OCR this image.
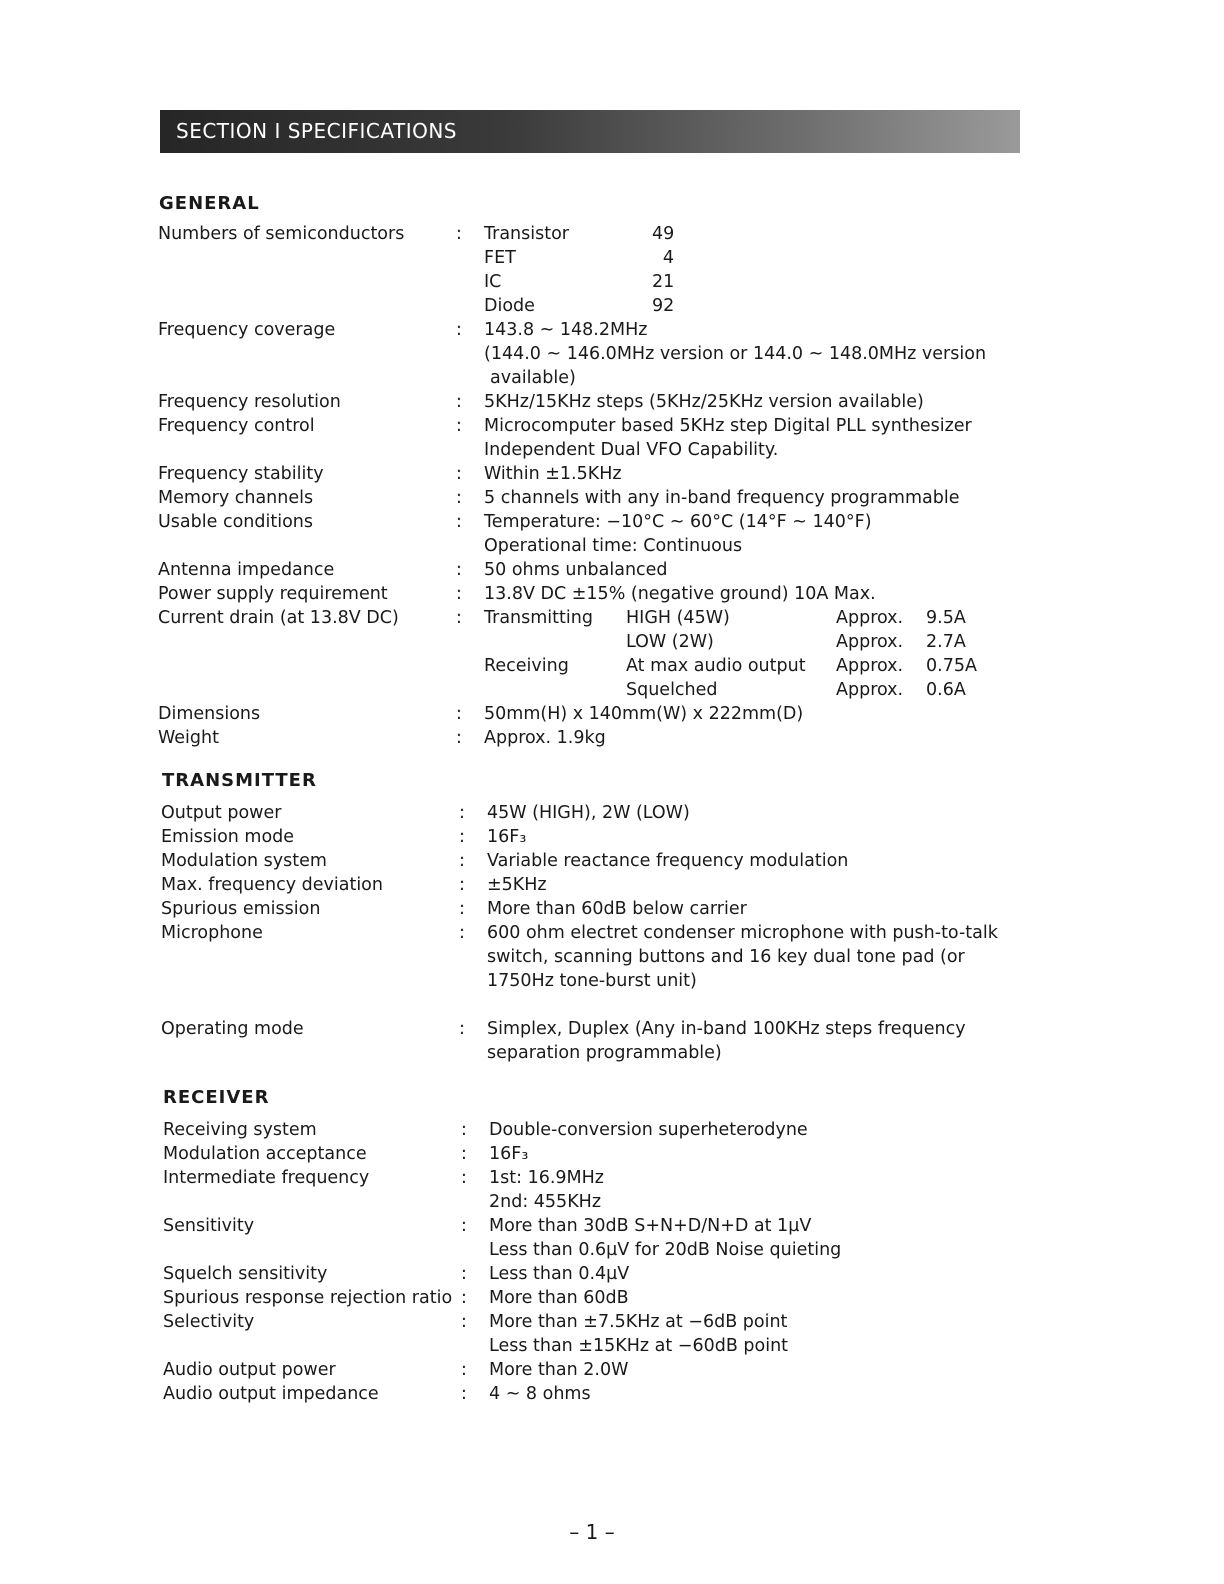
SECTION I SPECIFICATIONS
GENERAL
Numbers of semiconductors	:	Transistor	49
FET	4
IC	21
Diode	92
Frequency coverage	:	143.8 ~ 148.2MHz
(144.0 ~ 146.0MHz version or 144.0 ~ 148.0MHz version
available)
Frequency resolution	:	5KHz/15KHz steps (5KHz/25KHz version available)
Frequency control	:	Microcomputer based 5KHz step Digital PLL synthesizer
Independent Dual VFO Capability.
Frequency stability	:	Within ±1.5KHz
Memory channels	:	5 channels with any in-band frequency programmable
Usable conditions	:	Temperature: −10°C ~ 60°C (14°F ~ 140°F)
Operational time: Continuous
Antenna impedance	:	50 ohms unbalanced
Power supply requirement	:	13.8V DC ±15% (negative ground) 10A Max.
Current drain (at 13.8V DC)	:	Transmitting	HIGH (45W)	Approx.	9.5A
LOW (2W)	Approx.	2.7A
Receiving	At max audio output	Approx.	0.75A
Squelched	Approx.	0.6A
Dimensions	:	50mm(H) x 140mm(W) x 222mm(D)
Weight	:	Approx. 1.9kg
TRANSMITTER
Output power	:	45W (HIGH), 2W (LOW)
Emission mode	:	16F₃
Modulation system	:	Variable reactance frequency modulation
Max. frequency deviation	:	±5KHz
Spurious emission	:	More than 60dB below carrier
Microphone	:	600 ohm electret condenser microphone with push-to-talk
switch, scanning buttons and 16 key dual tone pad (or
1750Hz tone-burst unit)
Operating mode	:	Simplex, Duplex (Any in-band 100KHz steps frequency
separation programmable)
RECEIVER
Receiving system	:	Double-conversion superheterodyne
Modulation acceptance	:	16F₃
Intermediate frequency	:	1st: 16.9MHz
2nd: 455KHz
Sensitivity	:	More than 30dB S+N+D/N+D at 1µV
Less than 0.6µV for 20dB Noise quieting
Squelch sensitivity	:	Less than 0.4µV
Spurious response rejection ratio :	More than 60dB
Selectivity	:	More than ±7.5KHz at −6dB point
Less than ±15KHz at −60dB point
Audio output power	:	More than 2.0W
Audio output impedance	:	4 ~ 8 ohms
– 1 –
